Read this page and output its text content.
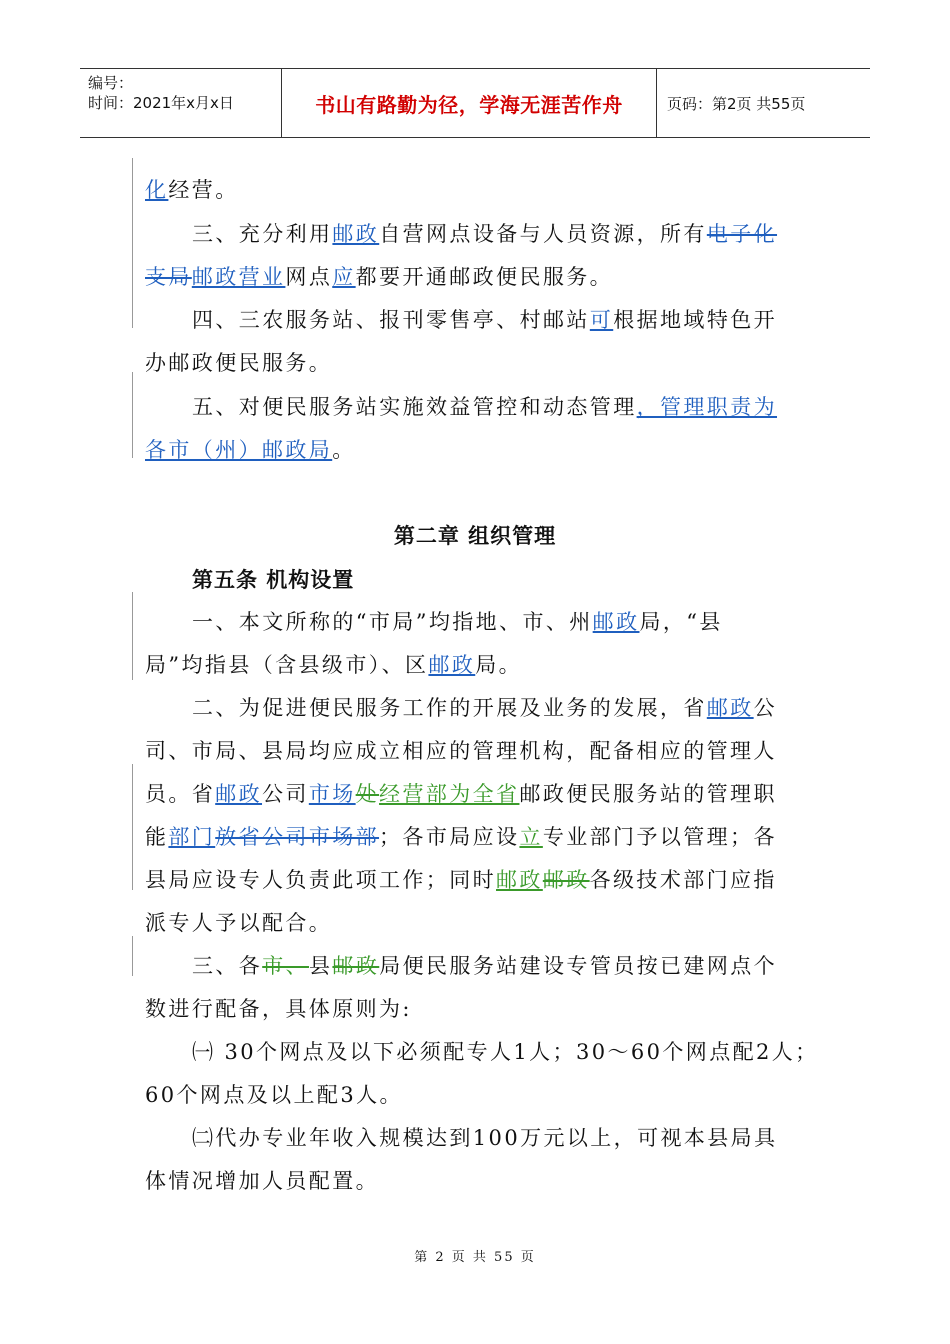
编号：
时间：2021年x月x日	书山有路勤为径，学海无涯苦作舟	页码：第2页 共55页
化经营。
三、充分利用邮政自营网点设备与人员资源，所有电子化
支局邮政营业网点应都要开通邮政便民服务。
四、三农服务站、报刊零售亭、村邮站可根据地域特色开
办邮政便民服务。
五、对便民服务站实施效益管控和动态管理，管理职责为
各市（州）邮政局。
第二章 组织管理
第五条 机构设置
一、本文所称的“市局”均指地、市、州邮政局，“县
局”均指县（含县级市）、区邮政局。
二、为促进便民服务工作的开展及业务的发展，省邮政公
司、市局、县局均应成立相应的管理机构，配备相应的管理人
员。省邮政公司市场处经营部为全省邮政便民服务站的管理职
能部门放省公司市场部；各市局应设立专业部门予以管理；各
县局应设专人负责此项工作；同时邮政邮政各级技术部门应指
派专人予以配合。
三、各市、县邮政局便民服务站建设专管员按已建网点个
数进行配备，具体原则为:
㈠ 30个网点及以下必须配专人1人；30～60个网点配2人；
60个网点及以上配3人。
㈡代办专业年收入规模达到100万元以上，可视本县局具
体情况增加人员配置。
第 2 页 共 55 页
